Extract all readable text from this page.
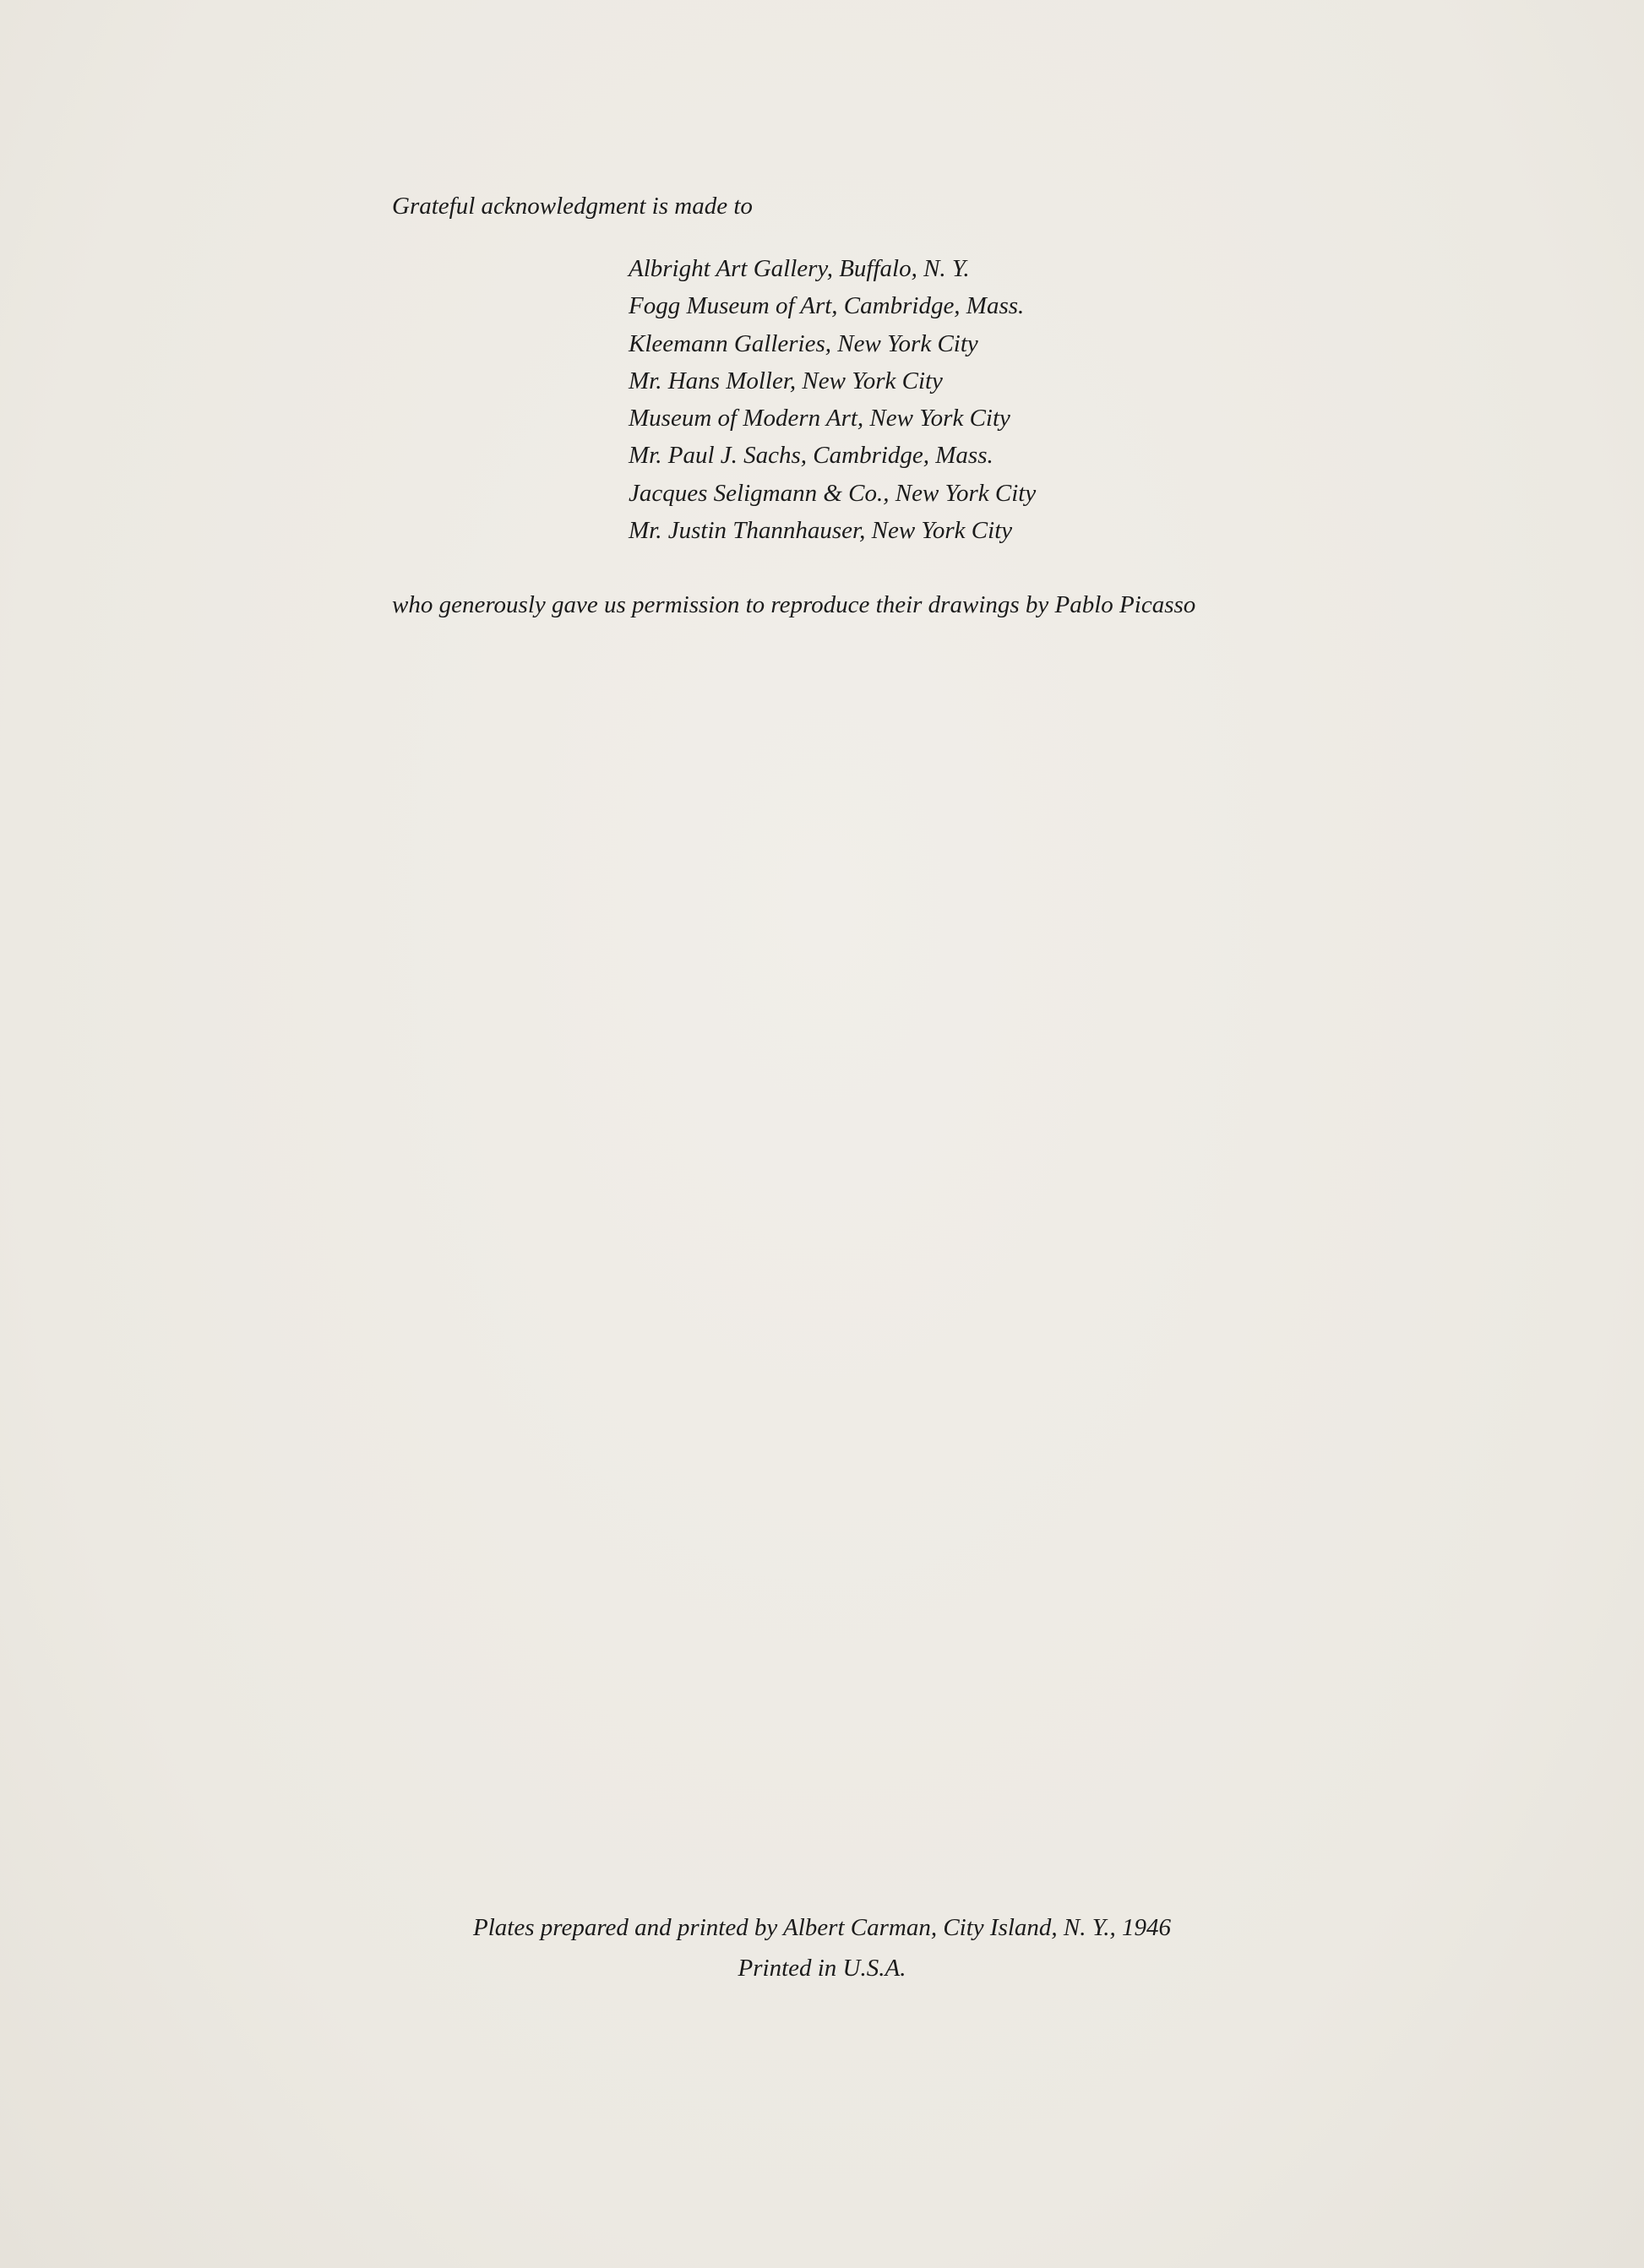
Grateful acknowledgment is made to
Albright Art Gallery, Buffalo, N. Y.
Fogg Museum of Art, Cambridge, Mass.
Kleemann Galleries, New York City
Mr. Hans Moller, New York City
Museum of Modern Art, New York City
Mr. Paul J. Sachs, Cambridge, Mass.
Jacques Seligmann & Co., New York City
Mr. Justin Thannhauser, New York City
who generously gave us permission to reproduce their drawings by Pablo Picasso
Plates prepared and printed by Albert Carman, City Island, N. Y., 1946
Printed in U.S.A.
